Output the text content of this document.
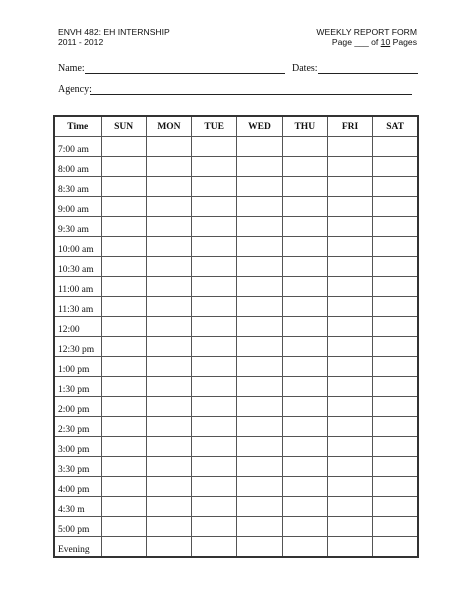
ENVH 482: EH INTERNSHIP
2011 - 2012
WEEKLY REPORT FORM
Page ___ of 10 Pages
Name:	Dates:
Agency:
Time	SUN	MON	TUE	WED	THU	FRI	SAT
7:00 am							
8:00 am							
8:30 am							
9:00 am							
9:30 am							
10:00 am							
10:30 am							
11:00 am							
11:30 am							
12:00							
12:30 pm							
1:00 pm							
1:30 pm							
2:00 pm							
2:30 pm							
3:00 pm							
3:30 pm							
4:00 pm							
4:30 m							
5:00 pm							
Evening							
